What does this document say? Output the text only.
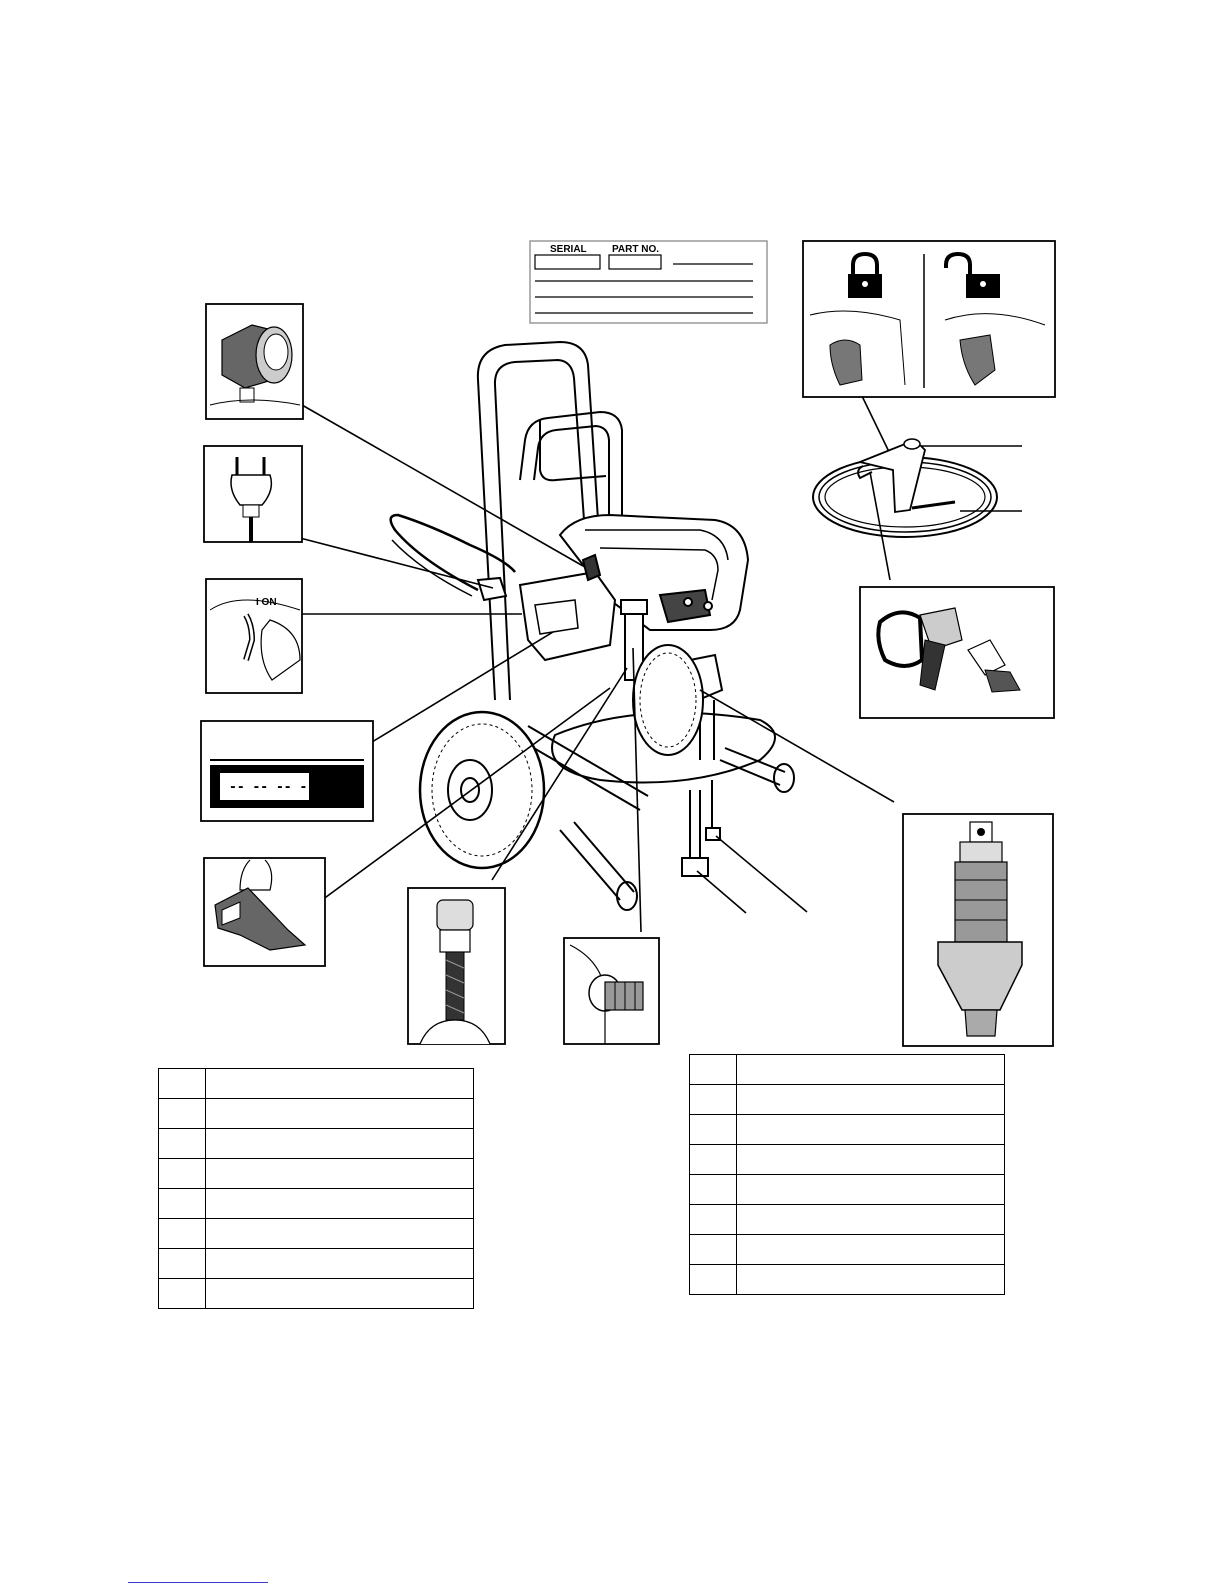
SERIAL	PART NO.
I ON
-- -- -- --
